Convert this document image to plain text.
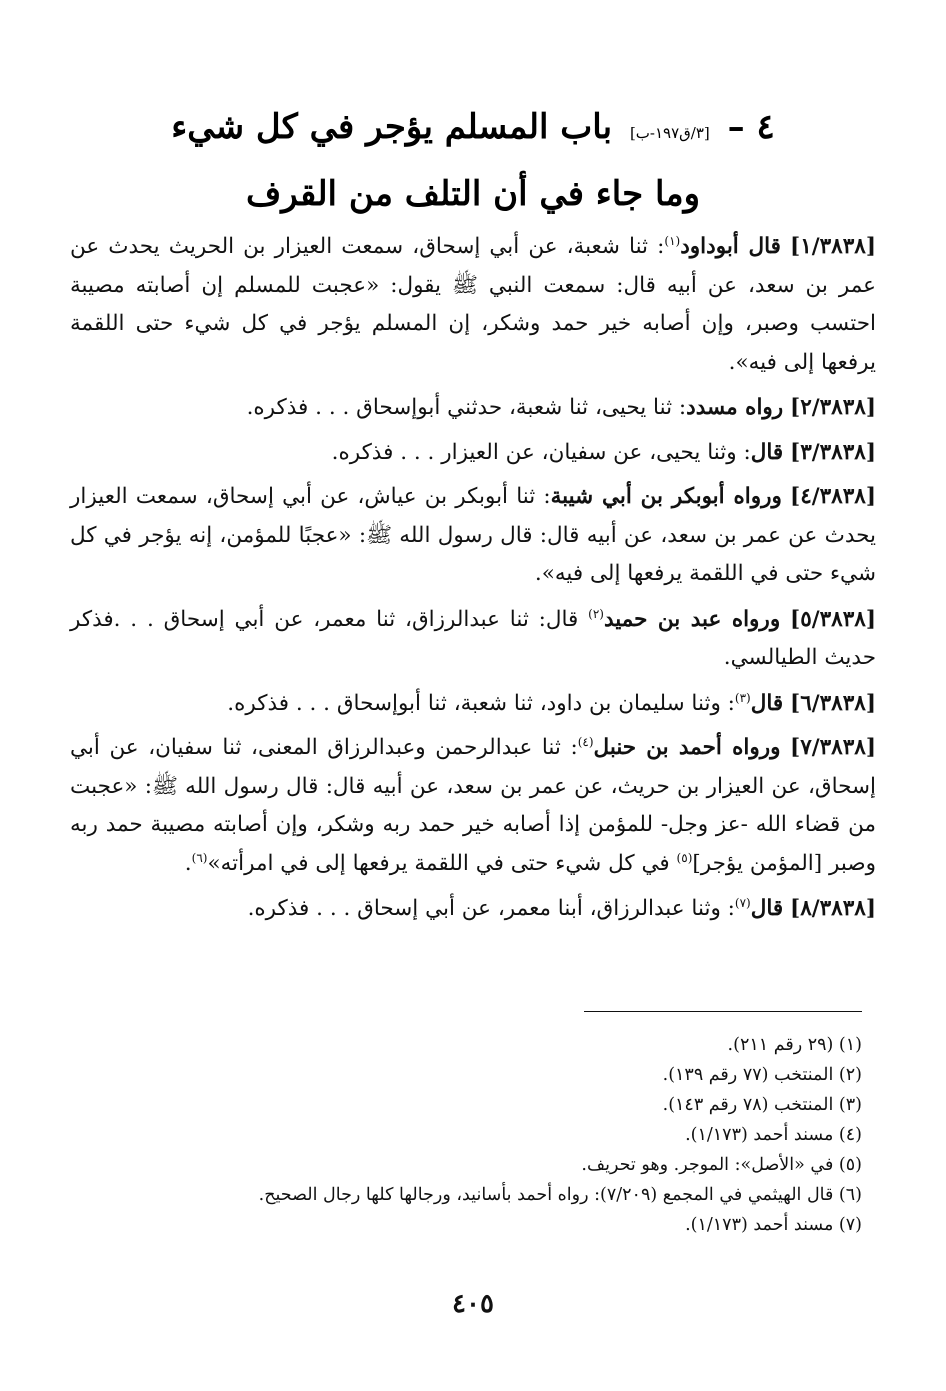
٤ – [٣/ق١٩٧-ب] باب المسلم يؤجر في كل شيء
وما جاء في أن التلف من القرف

[١/٣٨٣٨] قال أبوداود$^{(١)}$: ثنا شعبة، عن أبي إسحاق، سمعت العيزار بن الحريث يحدث عن عمر بن سعد، عن أبيه قال: سمعت النبي ﷺ يقول: «عجبت للمسلم إن أصابته مصيبة احتسب وصبر، وإن أصابه خير حمد وشكر، إن المسلم يؤجر في كل شيء حتى اللقمة يرفعها إلى فيه».

[٢/٣٨٣٨] رواه مسدد: ثنا يحيى، ثنا شعبة، حدثني أبوإسحاق . . . فذكره.

[٣/٣٨٣٨] قال: وثنا يحيى، عن سفيان، عن العيزار . . . فذكره.

[٤/٣٨٣٨] ورواه أبوبكر بن أبي شيبة: ثنا أبوبكر بن عياش، عن أبي إسحاق، سمعت العيزار يحدث عن عمر بن سعد، عن أبيه قال: قال رسول الله ﷺ: «عجبًا للمؤمن، إنه يؤجر في كل شيء حتى في اللقمة يرفعها إلى فيه».

[٥/٣٨٣٨] ورواه عبد بن حميد$^{(٢)}$ قال: ثنا عبدالرزاق، ثنا معمر، عن أبي إسحاق . . .فذكر حديث الطيالسي.

[٦/٣٨٣٨] قال$^{(٣)}$: وثنا سليمان بن داود، ثنا شعبة، ثنا أبوإسحاق . . . فذكره.

[٧/٣٨٣٨] ورواه أحمد بن حنبل$^{(٤)}$: ثنا عبدالرحمن وعبدالرزاق المعنى، ثنا سفيان، عن أبي إسحاق، عن العيزار بن حريث، عن عمر بن سعد، عن أبيه قال: قال رسول الله ﷺ: «عجبت من قضاء الله -عز وجل- للمؤمن إذا أصابه خير حمد ربه وشكر، وإن أصابته مصيبة حمد ربه وصبر [المؤمن يؤجر]$^{(٥)}$ في كل شيء حتى في اللقمة يرفعها إلى في امرأته»$^{(٦)}$.

[٨/٣٨٣٨] قال$^{(٧)}$: وثنا عبدالرزاق، أبنا معمر، عن أبي إسحاق . . . فذكره.

(١) (٢٩ رقم ٢١١).
(٢) المنتخب (٧٧ رقم ١٣٩).
(٣) المنتخب (٧٨ رقم ١٤٣).
(٤) مسند أحمد (١/١٧٣).
(٥) في «الأصل»: الموجر. وهو تحريف.
(٦) قال الهيثمي في المجمع (٧/٢٠٩): رواه أحمد بأسانيد، ورجالها كلها رجال الصحيح.
(٧) مسند أحمد (١/١٧٣).
٤٠٥
